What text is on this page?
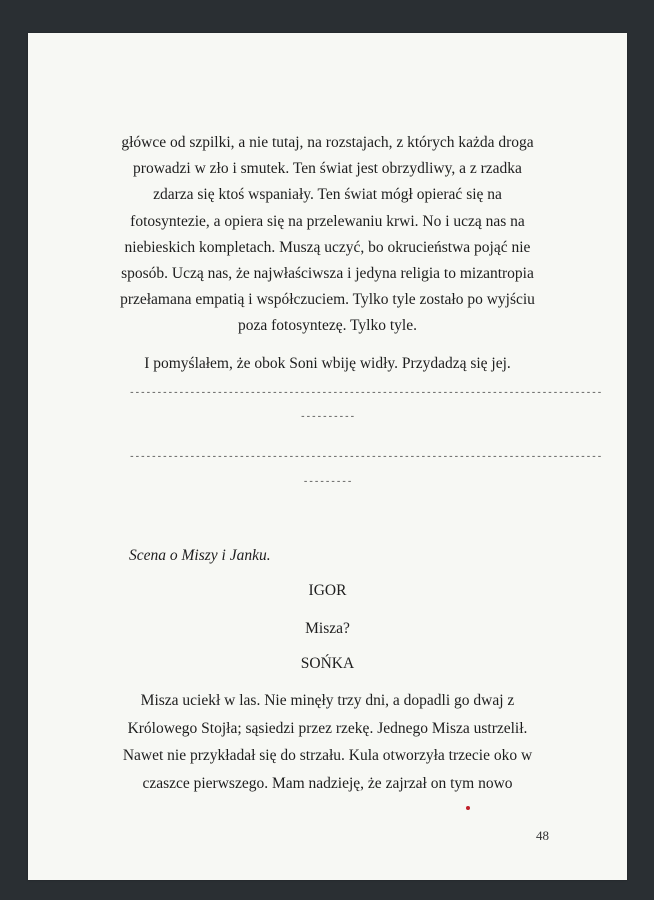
główce od szpilki, a nie tutaj, na rozstajach, z których każda droga
prowadzi w zło i smutek. Ten świat jest obrzydliwy, a z rzadka
zdarza się ktoś wspaniały. Ten świat mógł opierać się na
fotosyntezie, a opiera się na przelewaniu krwi. No i uczą nas na
niebieskich kompletach. Muszą uczyć, bo okrucieństwa pojąć nie
sposób. Uczą nas, że najwłaściwsza i jedyna religia to mizantropia
przełamana empatią i współczuciem. Tylko tyle zostało po wyjściu
poza fotosyntezę. Tylko tyle.
I pomyślałem, że obok Soni wbiję widły. Przydadzą się jej.
--------------------------------------------------------------------------------------
----------
--------------------------------------------------------------------------------------
---------
Scena o Miszy i Janku.
IGOR
Misza?
SOŃKA
Misza uciekł w las. Nie minęły trzy dni, a dopadli go dwaj z
Królowego Stojła; sąsiedzi przez rzekę. Jednego Misza ustrzelił.
Nawet nie przykładał się do strzału. Kula otworzyła trzecie oko w
czaszce pierwszego. Mam nadzieję, że zajrzał on tym nowo
48
